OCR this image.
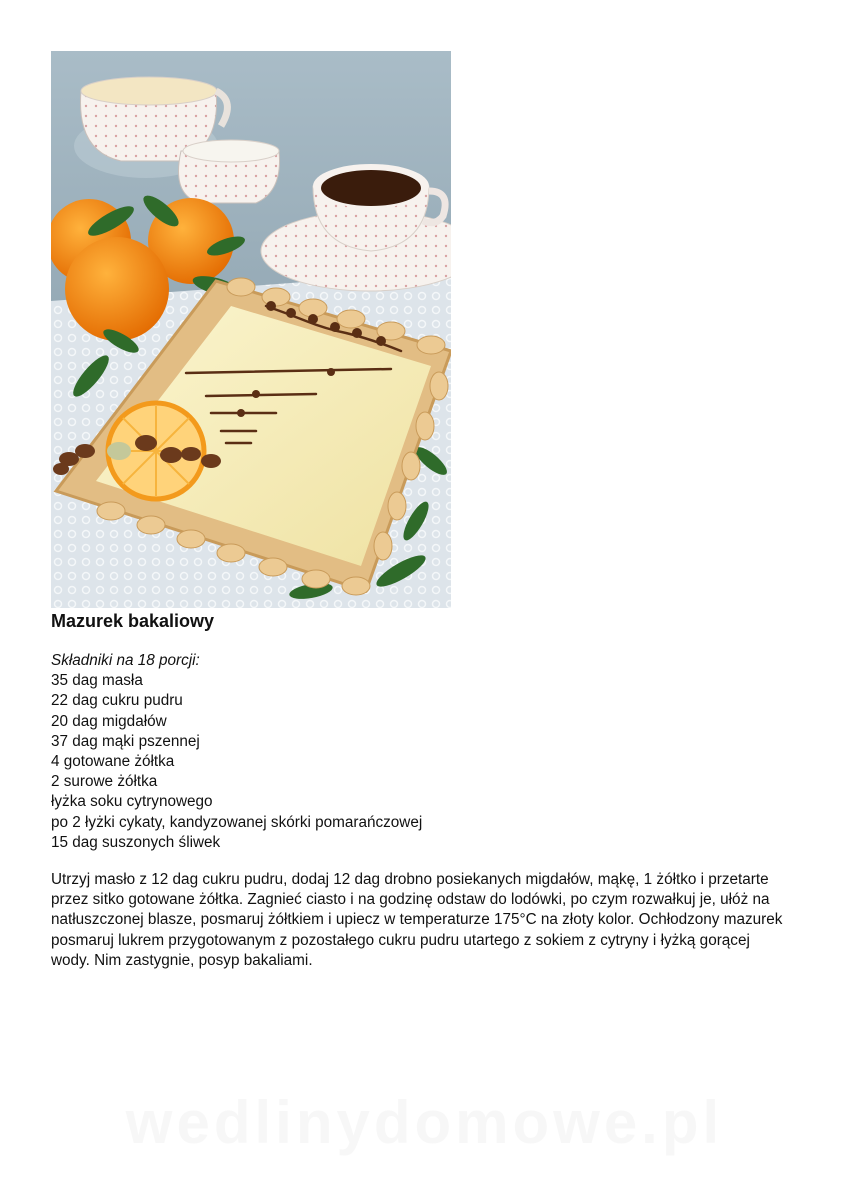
Mazurek bakaliowy
Składniki na 18 porcji:
35 dag masła
22 dag cukru pudru
20 dag migdałów
37 dag mąki pszennej
4 gotowane żółtka
2 surowe żółtka
łyżka soku cytrynowego
po 2 łyżki cykaty, kandyzowanej skórki pomarańczowej
15 dag suszonych śliwek

Utrzyj masło z 12 dag cukru pudru, dodaj 12 dag drobno posiekanych migdałów, mąkę, 1 żółtko i przetarte przez sitko gotowane żółtka. Zagnieć ciasto i na godzinę odstaw do lodówki, po czym rozwałkuj je, ułóż na natłuszczonej blasze, posmaruj żółtkiem i upiecz w temperaturze 175°C na złoty kolor. Ochłodzony mazurek posmaruj lukrem przygotowanym z pozostałego cukru pudru utartego z sokiem z cytryny i łyżką gorącej wody. Nim zastygnie, posyp bakaliami.

wedlinydomowe.pl
